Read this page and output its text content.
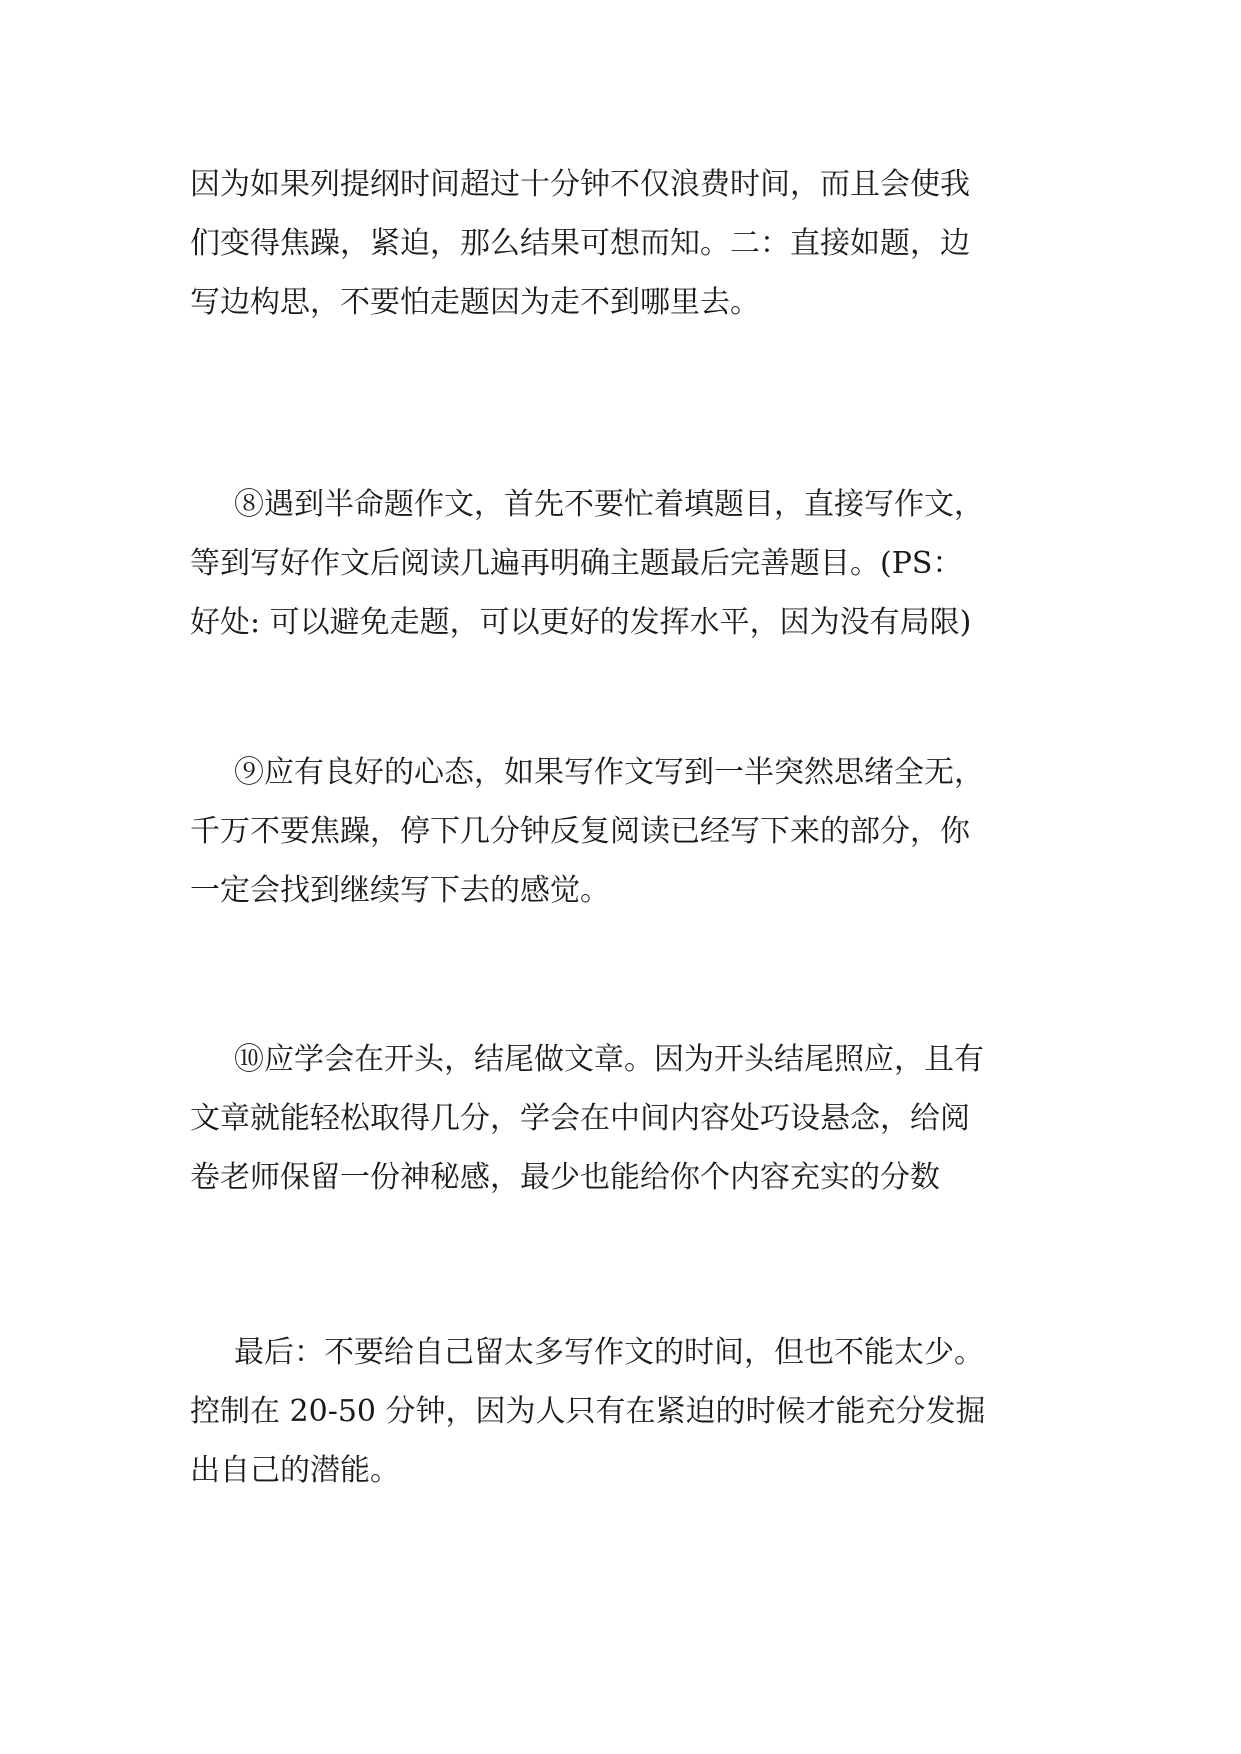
因为如果列提纲时间超过十分钟不仅浪费时间，而且会使我
们变得焦躁，紧迫，那么结果可想而知。二：直接如题，边
写边构思，不要怕走题因为走不到哪里去。

⑧遇到半命题作文，首先不要忙着填题目，直接写作文，
等到写好作文后阅读几遍再明确主题最后完善题目。(PS：
好处: 可以避免走题，可以更好的发挥水平，因为没有局限)

⑨应有良好的心态，如果写作文写到一半突然思绪全无，
千万不要焦躁，停下几分钟反复阅读已经写下来的部分，你
一定会找到继续写下去的感觉。

⑩应学会在开头，结尾做文章。因为开头结尾照应，且有
文章就能轻松取得几分，学会在中间内容处巧设悬念，给阅
卷老师保留一份神秘感，最少也能给你个内容充实的分数

最后：不要给自己留太多写作文的时间，但也不能太少。
控制在 20-50 分钟，因为人只有在紧迫的时候才能充分发掘
出自己的潜能。
